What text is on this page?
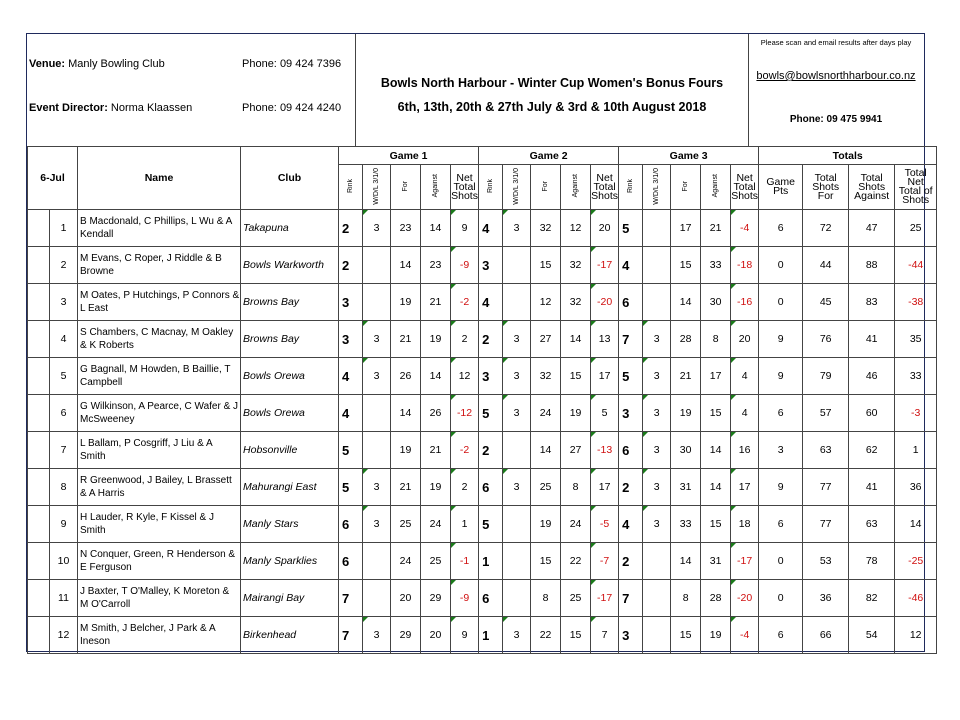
Venue: Manly Bowling Club	Phone: 09 424 7396
Event Director: Norma Klaassen	Phone: 09 424 4240
Bowls North Harbour - Winter Cup Women's Bonus Fours
6th, 13th, 20th & 27th July & 3rd & 10th August 2018
Please scan and email results after days play
bowls@bowlsnorthharbour.co.nz
Phone: 09 475 9941
6-Jul		Name	Club	Game 1					Game 2					Game 3					Totals			
				Rink	W/D/L 3/1/0	For	Against	Net Total Shots	Rink	W/D/L 3/1/0	For	Against	Net Total Shots	Rink	W/D/L 3/1/0	For	Against	Net Total Shots	Game Pts	Total Shots For	Total Shots Against	Total Net Total of Shots
	1	B Macdonald, C Phillips, L Wu & A Kendall	Takapuna	2	3	23	14	9	4	3	32	12	20	5		17	21	-4	6	72	47	25
	2	M Evans, C Roper, J Riddle & B Browne	Bowls Warkworth	2		14	23	-9	3		15	32	-17	4		15	33	-18	0	44	88	-44
	3	M Oates, P Hutchings, P Connors & L East	Browns Bay	3		19	21	-2	4		12	32	-20	6		14	30	-16	0	45	83	-38
	4	S Chambers, C Macnay, M Oakley & K Roberts	Browns Bay	3	3	21	19	2	2	3	27	14	13	7	3	28	8	20	9	76	41	35
	5	G Bagnall, M Howden, B Baillie, T Campbell	Bowls Orewa	4	3	26	14	12	3	3	32	15	17	5	3	21	17	4	9	79	46	33
	6	G Wilkinson, A Pearce, C Wafer & J McSweeney	Bowls Orewa	4		14	26	-12	5	3	24	19	5	3	3	19	15	4	6	57	60	-3
	7	L Ballam, P Cosgriff, J Liu & A Smith	Hobsonville	5		19	21	-2	2		14	27	-13	6	3	30	14	16	3	63	62	1
	8	R Greenwood, J Bailey, L Brassett & A Harris	Mahurangi East	5	3	21	19	2	6	3	25	8	17	2	3	31	14	17	9	77	41	36
	9	H Lauder, R Kyle, F Kissel & J Smith	Manly Stars	6	3	25	24	1	5		19	24	-5	4	3	33	15	18	6	77	63	14
	10	N Conquer, Green, R Henderson & E Ferguson	Manly Sparklies	6		24	25	-1	1		15	22	-7	2		14	31	-17	0	53	78	-25
	11	J Baxter, T O'Malley, K Moreton & M O'Carroll	Mairangi Bay	7		20	29	-9	6		8	25	-17	7		8	28	-20	0	36	82	-46
	12	M Smith, J Belcher, J Park & A Ineson	Birkenhead	7	3	29	20	9	1	3	22	15	7	3		15	19	-4	6	66	54	12
